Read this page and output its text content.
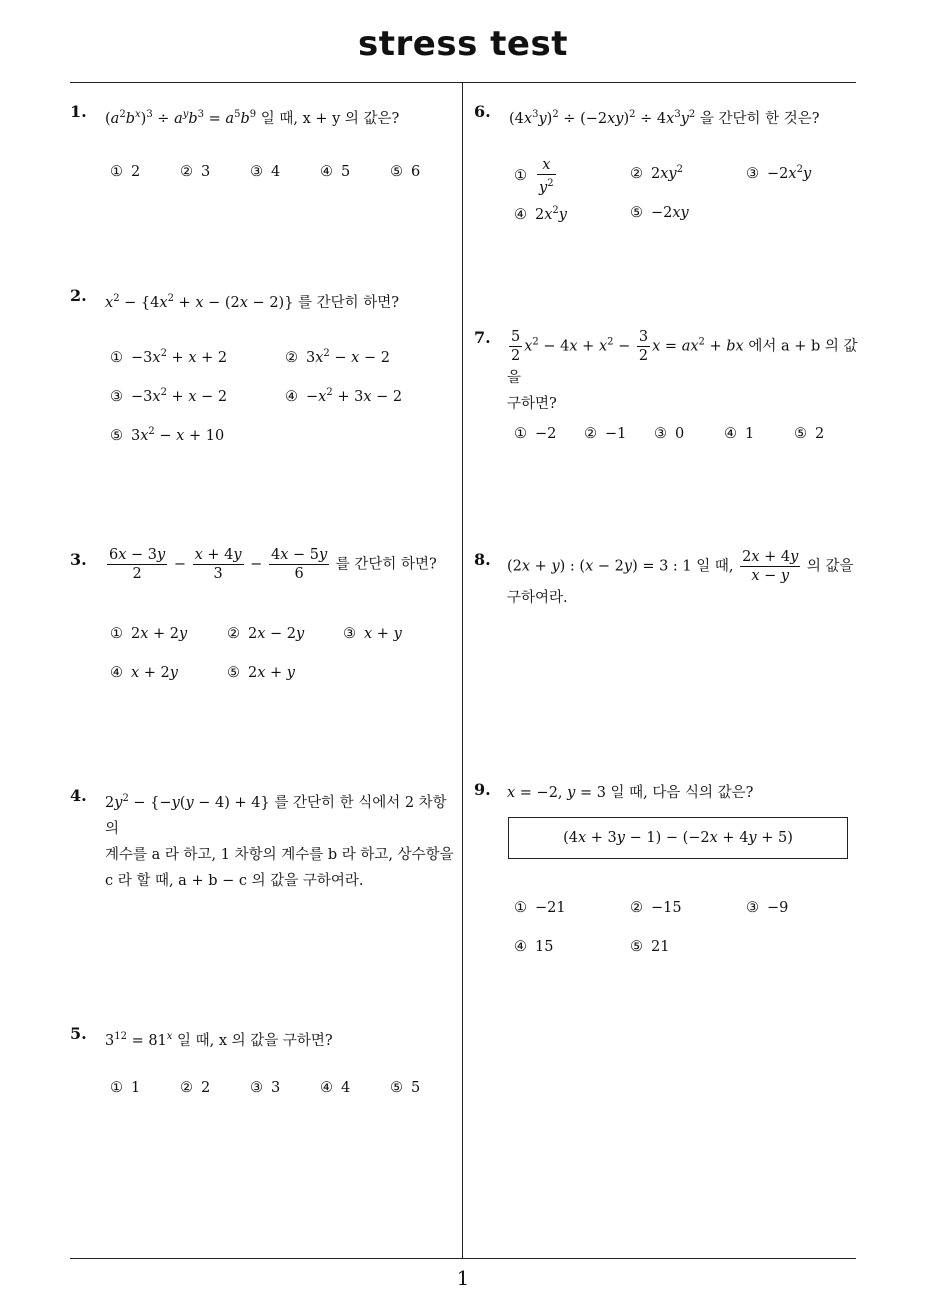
stress test
1
1. $(a^2b^x)^3 \div a^yb^3 = a^5b^9$ 일 때, x + y 의 값은?
① 2	② 3	③ 4	④ 5	⑤ 6
2. $x^2 - \{4x^2 + x - (2x - 2)\}$ 를 간단히 하면?
① $-3x^2 + x + 2$	② $3x^2 - x - 2$
③ $-3x^2 + x - 2$	④ $-x^2 + 3x - 2$
⑤ $3x^2 - x + 10$
3. $\frac{6x - 3y}{2} - \frac{x + 4y}{3} - \frac{4x - 5y}{6}$ 를 간단히 하면?
① 2x + 2y	② 2x − 2y	③ x + y
④ x + 2y	⑤ 2x + y
4. $2y^2 - \{-y(y - 4) + 4\}$ 를 간단히 한 식에서 2 차항의
계수를 a 라 하고, 1 차항의 계수를 b 라 하고, 상수항을
c 라 할 때, a + b − c 의 값을 구하여라.
5. $3^{12} = 81^x$ 일 때, x 의 값을 구하면?
① 1	② 2	③ 3	④ 4	⑤ 5
6. $(4x^3y)^2 \div (-2xy)^2 \div 4x^3y^2$ 을 간단히 한 것은?
① $\frac{x}{y^2}$	② $2xy^2$	③ $-2x^2y$
④ $2x^2y$	⑤ −2xy
7. $\frac{5}{2} x^2 - 4x + x^2 - \frac{3}{2}$ $x = ax^2$ + bx 에서 a + b 의 값을
구하면?
① −2 ② −1 ③ 0	④ 1	⑤ 2
8. (2x + y) : (x − 2y) = 3 : 1 일 때, $\frac{2x + 4y}{x - y}$ 의 값을
구하여라.
9. x = −2, y = 3 일 때, 다음 식의 값은?
(4x + 3y − 1) − (−2x + 4y + 5)
① −21	② −15	③ −9
④ 15	⑤ 21
